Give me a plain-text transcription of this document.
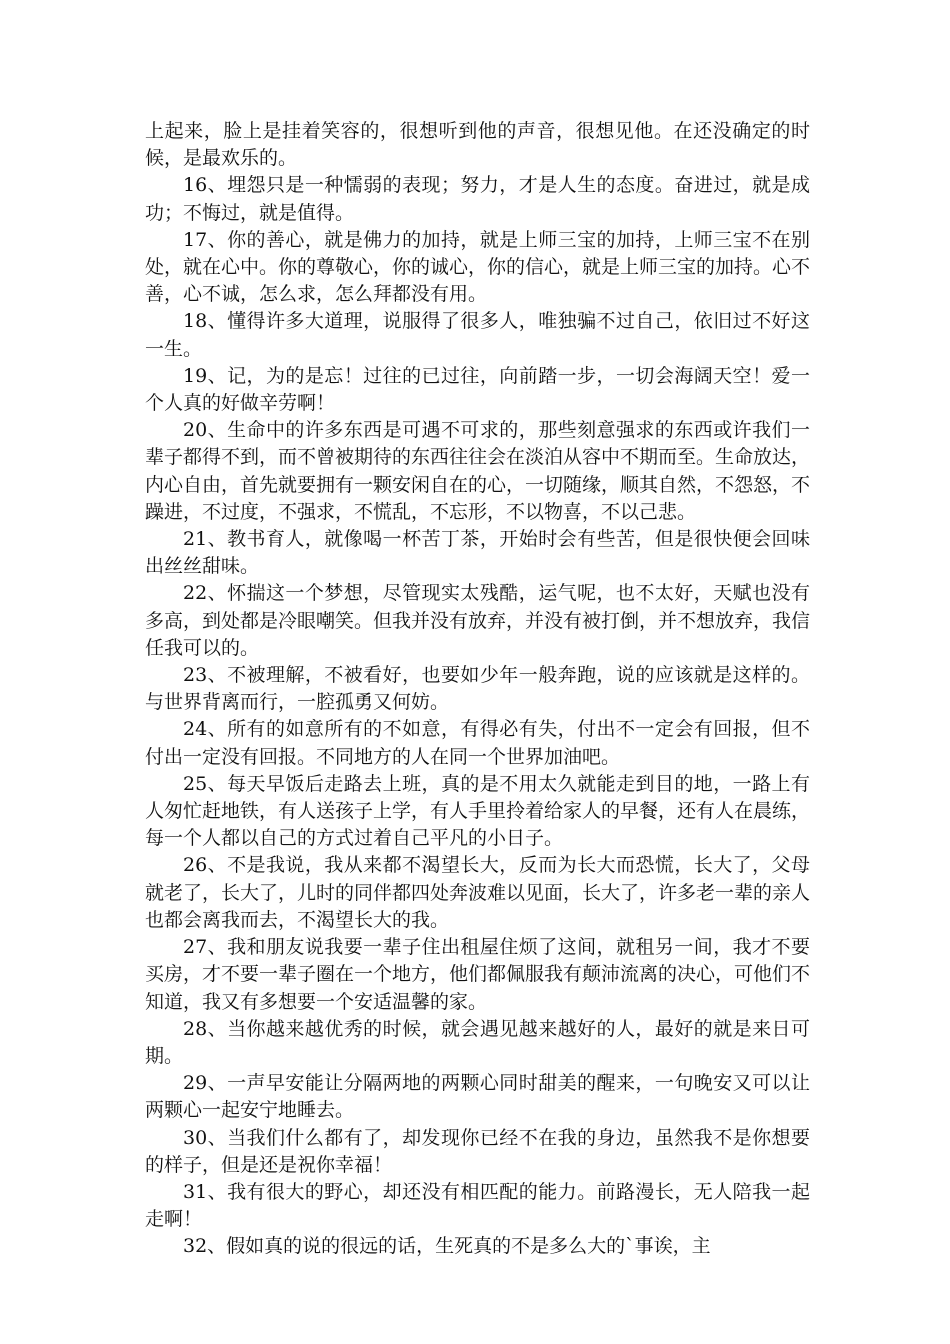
上起来，脸上是挂着笑容的，很想听到他的声音，很想见他。在还没确定的时候，是最欢乐的。

16、埋怨只是一种懦弱的表现；努力，才是人生的态度。奋进过，就是成功；不悔过，就是值得。

17、你的善心，就是佛力的加持，就是上师三宝的加持，上师三宝不在别处，就在心中。你的尊敬心，你的诚心，你的信心，就是上师三宝的加持。心不善，心不诚，怎么求，怎么拜都没有用。

18、懂得许多大道理，说服得了很多人，唯独骗不过自己，依旧过不好这一生。

19、记，为的是忘！过往的已过往，向前踏一步，一切会海阔天空！爱一个人真的好做辛劳啊！

20、生命中的许多东西是可遇不可求的，那些刻意强求的东西或许我们一辈子都得不到，而不曾被期待的东西往往会在淡泊从容中不期而至。生命放达，内心自由，首先就要拥有一颗安闲自在的心，一切随缘，顺其自然，不怨怒，不躁进，不过度，不强求，不慌乱，不忘形，不以物喜，不以己悲。

21、教书育人，就像喝一杯苦丁茶，开始时会有些苦，但是很快便会回味出丝丝甜味。

22、怀揣这一个梦想，尽管现实太残酷，运气呢，也不太好，天赋也没有多高，到处都是冷眼嘲笑。但我并没有放弃，并没有被打倒，并不想放弃，我信任我可以的。

23、不被理解，不被看好，也要如少年一般奔跑，说的应该就是这样的。与世界背离而行，一腔孤勇又何妨。

24、所有的如意所有的不如意，有得必有失，付出不一定会有回报，但不付出一定没有回报。不同地方的人在同一个世界加油吧。

25、每天早饭后走路去上班，真的是不用太久就能走到目的地，一路上有人匆忙赶地铁，有人送孩子上学，有人手里拎着给家人的早餐，还有人在晨练，每一个人都以自己的方式过着自己平凡的小日子。

26、不是我说，我从来都不渴望长大，反而为长大而恐慌，长大了，父母就老了，长大了，儿时的同伴都四处奔波难以见面，长大了，许多老一辈的亲人也都会离我而去，不渴望长大的我。

27、我和朋友说我要一辈子住出租屋住烦了这间，就租另一间，我才不要买房，才不要一辈子圈在一个地方，他们都佩服我有颠沛流离的决心，可他们不知道，我又有多想要一个安适温馨的家。

28、当你越来越优秀的时候，就会遇见越来越好的人，最好的就是来日可期。

29、一声早安能让分隔两地的两颗心同时甜美的醒来，一句晚安又可以让两颗心一起安宁地睡去。

30、当我们什么都有了，却发现你已经不在我的身边，虽然我不是你想要的样子，但是还是祝你幸福！

31、我有很大的野心，却还没有相匹配的能力。前路漫长，无人陪我一起走啊！

32、假如真的说的很远的话，生死真的不是多么大的`事诶，主
